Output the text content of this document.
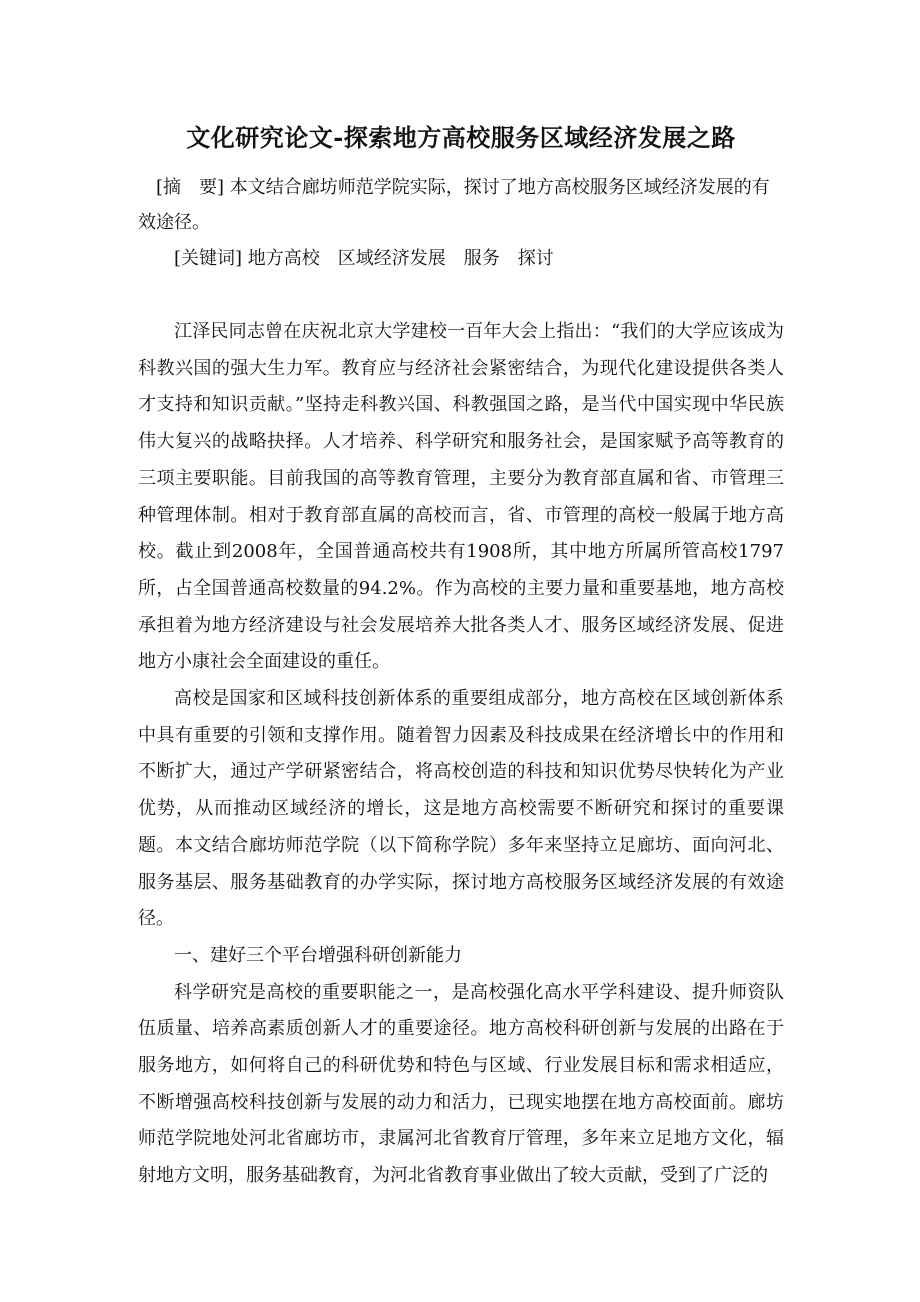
文化研究论文-探索地方高校服务区域经济发展之路

[摘　要] 本文结合廊坊师范学院实际，探讨了地方高校服务区域经济发展的有效途径。

[关键词] 地方高校　区域经济发展　服务　探讨

江泽民同志曾在庆祝北京大学建校一百年大会上指出：“我们的大学应该成为科教兴国的强大生力军。教育应与经济社会紧密结合，为现代化建设提供各类人才支持和知识贡献。”坚持走科教兴国、科教强国之路，是当代中国实现中华民族伟大复兴的战略抉择。人才培养、科学研究和服务社会，是国家赋予高等教育的三项主要职能。目前我国的高等教育管理，主要分为教育部直属和省、市管理三种管理体制。相对于教育部直属的高校而言，省、市管理的高校一般属于地方高校。截止到2008年，全国普通高校共有1908所，其中地方所属所管高校1797所，占全国普通高校数量的94.2%。作为高校的主要力量和重要基地，地方高校承担着为地方经济建设与社会发展培养大批各类人才、服务区域经济发展、促进地方小康社会全面建设的重任。

高校是国家和区域科技创新体系的重要组成部分，地方高校在区域创新体系中具有重要的引领和支撑作用。随着智力因素及科技成果在经济增长中的作用和不断扩大，通过产学研紧密结合，将高校创造的科技和知识优势尽快转化为产业优势，从而推动区域经济的增长，这是地方高校需要不断研究和探讨的重要课题。本文结合廊坊师范学院（以下简称学院）多年来坚持立足廊坊、面向河北、服务基层、服务基础教育的办学实际，探讨地方高校服务区域经济发展的有效途径。

一、建好三个平台增强科研创新能力

科学研究是高校的重要职能之一，是高校强化高水平学科建设、提升师资队伍质量、培养高素质创新人才的重要途径。地方高校科研创新与发展的出路在于服务地方，如何将自己的科研优势和特色与区域、行业发展目标和需求相适应，不断增强高校科技创新与发展的动力和活力，已现实地摆在地方高校面前。廊坊师范学院地处河北省廊坊市，隶属河北省教育厅管理，多年来立足地方文化，辐射地方文明，服务基础教育，为河北省教育事业做出了较大贡献，受到了广泛的
